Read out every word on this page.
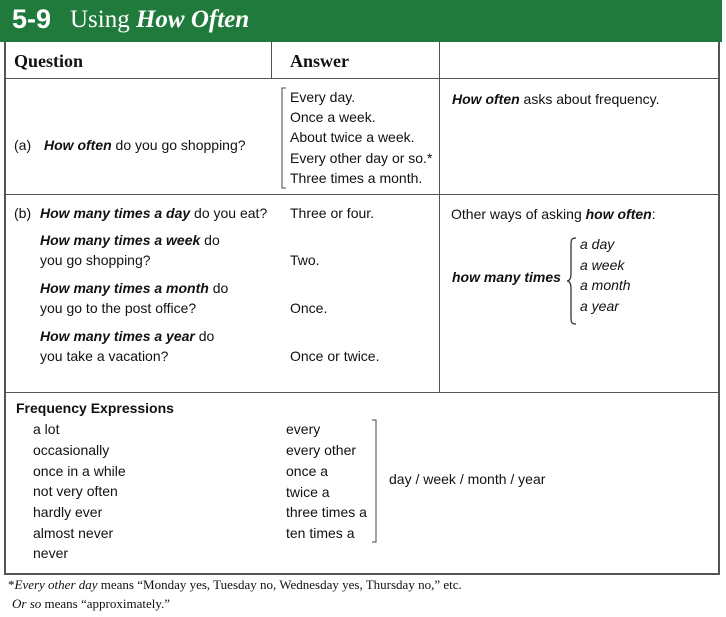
5-9 Using How Often
Question	Answer
(a) How often do you go shopping?
Every day.
Once a week.
About twice a week.
Every other day or so.*
Three times a month.
How often asks about frequency.
(b) How many times a day do you eat?
How many times a week do
you go shopping?
How many times a month do
you go to the post office?
How many times a year do
you take a vacation?
Three or four.
Two.
Once.
Once or twice.
Other ways of asking how often:
how many times
a day
a week
a month
a year
Frequency Expressions
a lot
occasionally
once in a while
not very often
hardly ever
almost never
never
every
every other
once a
twice a
three times a
ten times a
day / week / month / year
*Every other day means “Monday yes, Tuesday no, Wednesday yes, Thursday no,” etc.
Or so means “approximately.”
